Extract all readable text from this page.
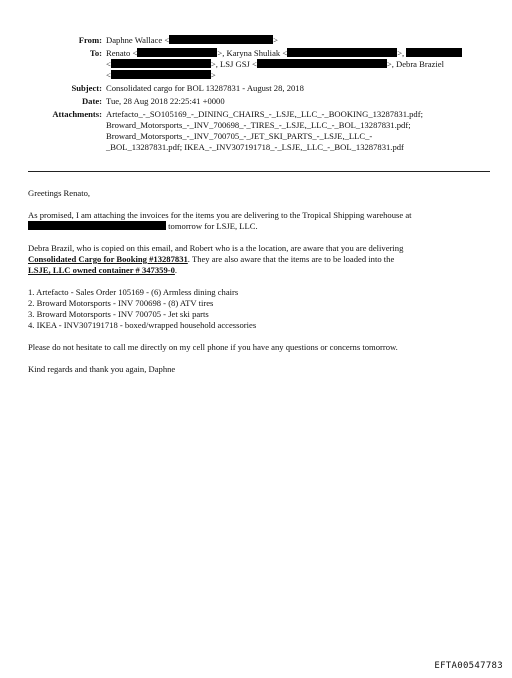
From: Daphne Wallace <	>
To: Renato <	>, Karyna Shuliak <	>,
<	>, LSJ GSJ <	>, Debra Braziel
<	>
Subject: Consolidated cargo for BOL 13287831 - August 28, 2018
Date: Tue, 28 Aug 2018 22:25:41 +0000
Attachments: Artefacto_-_SO105169_-_DINING_CHAIRS_-_LSJE,_LLC_-_BOOKING_13287831.pdf;
Broward_Motorsports_-_INV_700698_-_TIRES_-_LSJE,_LLC_-_BOL_13287831.pdf;
Broward_Motorsports_-_INV_700705_-_JET_SKI_PARTS_-_LSJE,_LLC_-
_BOL_13287831.pdf; IKEA_-_INV307191718_-_LSJE,_LLC_-_BOL_13287831.pdf

Greetings Renato,

As promised, I am attaching the invoices for the items you are delivering to the Tropical Shipping warehouse at
tomorrow for LSJE, LLC.

Debra Brazil, who is copied on this email, and Robert who is a the location, are aware that you are delivering
Consolidated Cargo for Booking #13287831. They are also aware that the items are to be loaded into the
LSJE, LLC owned container # 347359-0.

1. Artefacto - Sales Order 105169 - (6) Armless dining chairs
2. Broward Motorsports - INV 700698 - (8) ATV tires
3. Broward Motorsports - INV 700705 - Jet ski parts
4. IKEA - INV307191718 - boxed/wrapped household accessories

Please do not hesitate to call me directly on my cell phone if you have any questions or concerns tomorrow.

Kind regards and thank you again, Daphne

EFTA00547783
